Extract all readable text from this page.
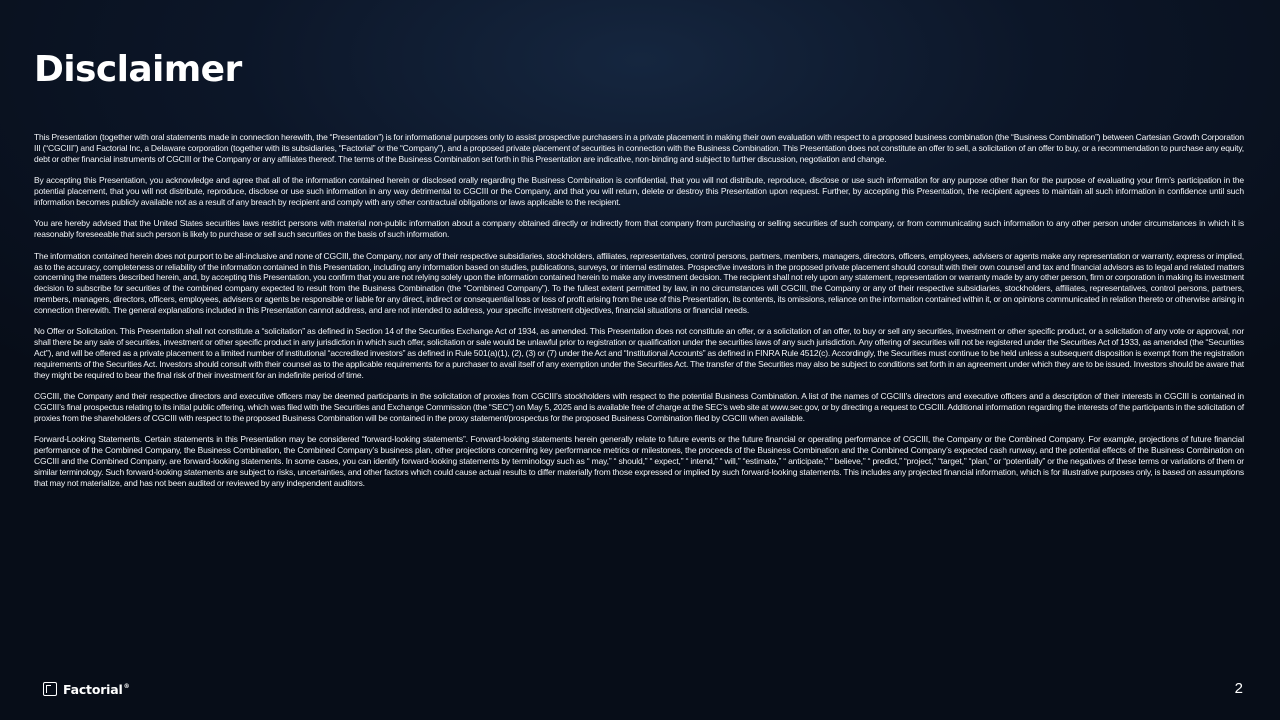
Disclaimer

This Presentation (together with oral statements made in connection herewith, the “Presentation”) is for informational purposes only to assist prospective purchasers in a private placement in making their own evaluation with respect to a proposed business combination (the “Business Combination”) between Cartesian Growth Corporation III (“CGCIII”) and Factorial Inc, a Delaware corporation (together with its subsidiaries, “Factorial” or the “Company”), and a proposed private placement of securities in connection with the Business Combination. This Presentation does not constitute an offer to sell, a solicitation of an offer to buy, or a recommendation to purchase any equity, debt or other financial instruments of CGCIII or the Company or any affiliates thereof. The terms of the Business Combination set forth in this Presentation are indicative, non-binding and subject to further discussion, negotiation and change.

By accepting this Presentation, you acknowledge and agree that all of the information contained herein or disclosed orally regarding the Business Combination is confidential, that you will not distribute, reproduce, disclose or use such information for any purpose other than for the purpose of evaluating your firm’s participation in the potential placement, that you will not distribute, reproduce, disclose or use such information in any way detrimental to CGCIII or the Company, and that you will return, delete or destroy this Presentation upon request. Further, by accepting this Presentation, the recipient agrees to maintain all such information in confidence until such information becomes publicly available not as a result of any breach by recipient and comply with any other contractual obligations or laws applicable to the recipient.

You are hereby advised that the United States securities laws restrict persons with material non-public information about a company obtained directly or indirectly from that company from purchasing or selling securities of such company, or from communicating such information to any other person under circumstances in which it is reasonably foreseeable that such person is likely to purchase or sell such securities on the basis of such information.

The information contained herein does not purport to be all-inclusive and none of CGCIII, the Company, nor any of their respective subsidiaries, stockholders, affiliates, representatives, control persons, partners, members, managers, directors, officers, employees, advisers or agents make any representation or warranty, express or implied, as to the accuracy, completeness or reliability of the information contained in this Presentation, including any information based on studies, publications, surveys, or internal estimates. Prospective investors in the proposed private placement should consult with their own counsel and tax and financial advisors as to legal and related matters concerning the matters described herein, and, by accepting this Presentation, you confirm that you are not relying solely upon the information contained herein to make any investment decision. The recipient shall not rely upon any statement, representation or warranty made by any other person, firm or corporation in making its investment decision to subscribe for securities of the combined company expected to result from the Business Combination (the “Combined Company”). To the fullest extent permitted by law, in no circumstances will CGCIII, the Company or any of their respective subsidiaries, stockholders, affiliates, representatives, control persons, partners, members, managers, directors, officers, employees, advisers or agents be responsible or liable for any direct, indirect or consequential loss or loss of profit arising from the use of this Presentation, its contents, its omissions, reliance on the information contained within it, or on opinions communicated in relation thereto or otherwise arising in connection therewith. The general explanations included in this Presentation cannot address, and are not intended to address, your specific investment objectives, financial situations or financial needs.

No Offer or Solicitation. This Presentation shall not constitute a “solicitation” as defined in Section 14 of the Securities Exchange Act of 1934, as amended. This Presentation does not constitute an offer, or a solicitation of an offer, to buy or sell any securities, investment or other specific product, or a solicitation of any vote or approval, nor shall there be any sale of securities, investment or other specific product in any jurisdiction in which such offer, solicitation or sale would be unlawful prior to registration or qualification under the securities laws of any such jurisdiction. Any offering of securities will not be registered under the Securities Act of 1933, as amended (the “Securities Act”), and will be offered as a private placement to a limited number of institutional “accredited investors” as defined in Rule 501(a)(1), (2), (3) or (7) under the Act and “Institutional Accounts” as defined in FINRA Rule 4512(c). Accordingly, the Securities must continue to be held unless a subsequent disposition is exempt from the registration requirements of the Securities Act. Investors should consult with their counsel as to the applicable requirements for a purchaser to avail itself of any exemption under the Securities Act. The transfer of the Securities may also be subject to conditions set forth in an agreement under which they are to be issued. Investors should be aware that they might be required to bear the final risk of their investment for an indefinite period of time.

CGCIII, the Company and their respective directors and executive officers may be deemed participants in the solicitation of proxies from CGCIII’s stockholders with respect to the potential Business Combination. A list of the names of CGCIII’s directors and executive officers and a description of their interests in CGCIII is contained in CGCIII’s final prospectus relating to its initial public offering, which was filed with the Securities and Exchange Commission (the “SEC”) on May 5, 2025 and is available free of charge at the SEC’s web site at www.sec.gov, or by directing a request to CGCIII. Additional information regarding the interests of the participants in the solicitation of proxies from the shareholders of CGCIII with respect to the proposed Business Combination will be contained in the proxy statement/prospectus for the proposed Business Combination filed by CGCIII when available.

Forward-Looking Statements. Certain statements in this Presentation may be considered “forward-looking statements”. Forward-looking statements herein generally relate to future events or the future financial or operating performance of CGCIII, the Company or the Combined Company. For example, projections of future financial performance of the Combined Company, the Business Combination, the Combined Company’s business plan, other projections concerning key performance metrics or milestones, the proceeds of the Business Combination and the Combined Company’s expected cash runway, and the potential effects of the Business Combination on CGCIII and the Combined Company, are forward-looking statements. In some cases, you can identify forward-looking statements by terminology such as “ may,” “ should,” “ expect,” “ intend,” “ will,” “estimate,” “ anticipate,” “ believe,” “ predict,” “project,” “target,” “plan,” or “potentially” or the negatives of these terms or variations of them or similar terminology. Such forward-looking statements are subject to risks, uncertainties, and other factors which could cause actual results to differ materially from those expressed or implied by such forward-looking statements. This includes any projected financial information, which is for illustrative purposes only, is based on assumptions that may not materialize, and has not been audited or reviewed by any independent auditors.

Factorial®	2
